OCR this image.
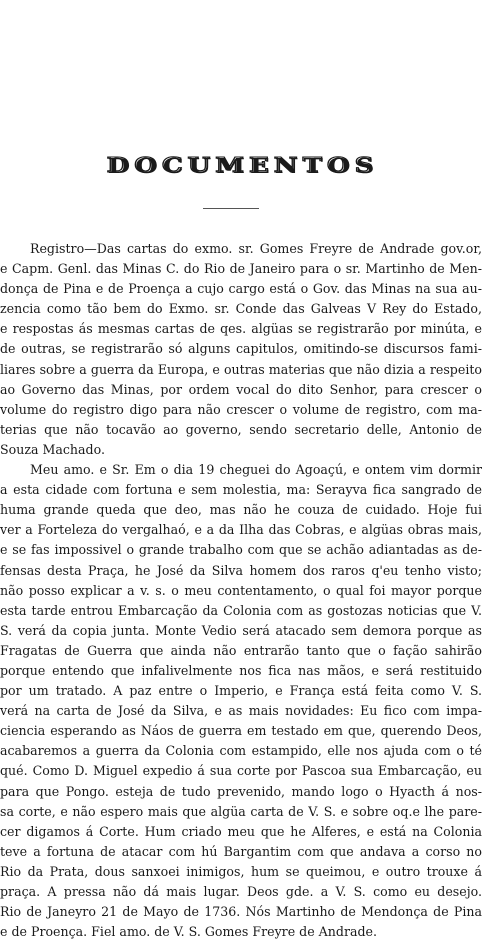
DOCUMENTOS
Registro—Das cartas do exmo. sr. Gomes Freyre de Andrade gov.or,
e Capm. Genl. das Minas C. do Rio de Janeiro para o sr. Martinho de Men-
donça de Pina e de Proença a cujo cargo está o Gov. das Minas na sua au-
zencia como tão bem do Exmo. sr. Conde das Galveas V Rey do Estado,
e respostas ás mesmas cartas de qes. algüas se registrarão por minúta, e
de outras, se registrarão só alguns capitulos, omitindo-se discursos fami-
liares sobre a guerra da Europa, e outras materias que não dizia a respeito
ao Governo das Minas, por ordem vocal do dito Senhor, para crescer o
volume do registro digo para não crescer o volume de registro, com ma-
terias que não tocavão ao governo, sendo secretario delle, Antonio de
Souza Machado.
Meu amo. e Sr. Em o dia 19 cheguei do Agoaçú, e ontem vim dormir
a esta cidade com fortuna e sem molestia, ma: Serayva fica sangrado de
huma grande queda que deo, mas não he couza de cuidado. Hoje fui
ver a Forteleza do vergalhaó, e a da Ilha das Cobras, e algüas obras mais,
e se fas impossivel o grande trabalho com que se achão adiantadas as de-
fensas desta Praça, he José da Silva homem dos raros q'eu tenho visto;
não posso explicar a v. s. o meu contentamento, o qual foi mayor porque
esta tarde entrou Embarcação da Colonia com as gostozas noticias que V.
S. verá da copia junta. Monte Vedio será atacado sem demora porque as
Fragatas de Guerra que ainda não entrarão tanto que o fação sahirão
porque entendo que infalivelmente nos fica nas mãos, e será restituido
por um tratado. A paz entre o Imperio, e França está feita como V. S.
verá na carta de José da Silva, e as mais novidades: Eu fico com impa-
ciencia esperando as Náos de guerra em testado em que, querendo Deos,
acabaremos a guerra da Colonia com estampido, elle nos ajuda com o té
qué. Como D. Miguel expedio á sua corte por Pascoa sua Embarcação, eu
para que Pongo. esteja de tudo prevenido, mando logo o Hyacth á nos-
sa corte, e não espero mais que algüa carta de V. S. e sobre oq.e lhe pare-
cer digamos á Corte. Hum criado meu que he Alferes, e está na Colonia
teve a fortuna de atacar com hú Bargantim com que andava a corso no
Rio da Prata, dous sanxoei inimigos, hum se queimou, e outro trouxe á
praça. A pressa não dá mais lugar. Deos gde. a V. S. como eu desejo.
Rio de Janeyro 21 de Mayo de 1736. Nós Martinho de Mendonça de Pina
e de Proença. Fiel amo. de V. S. Gomes Freyre de Andrade.
